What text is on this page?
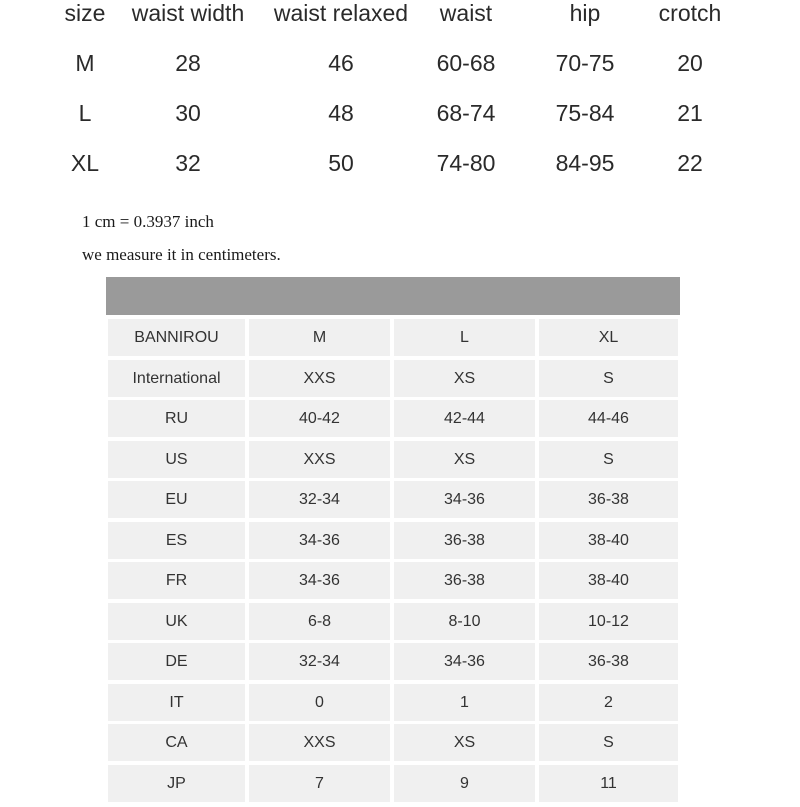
size	waist width	waist relaxed	waist	hip	crotch
M	28	46	60-68	70-75	20
L	30	48	68-74	75-84	21
XL	32	50	74-80	84-95	22
1 cm = 0.3937 inch
we measure it in centimeters.
BANNIROU	M	L	XL
International	XXS	XS	S
RU	40-42	42-44	44-46
US	XXS	XS	S
EU	32-34	34-36	36-38
ES	34-36	36-38	38-40
FR	34-36	36-38	38-40
UK	6-8	8-10	10-12
DE	32-34	34-36	36-38
IT	0	1	2
CA	XXS	XS	S
JP	7	9	11
